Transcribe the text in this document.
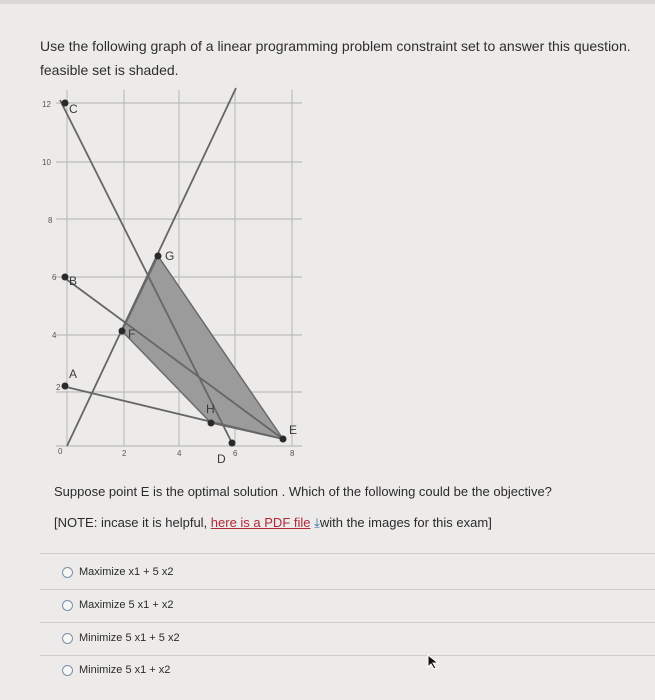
Use the following graph of a linear programming problem constraint set to answer this question.
feasible set is shaded.
C
B
A
F
G
H
E
D
12
10
8
6
4
2
0	2	4	6	8
Suppose point E is the optimal solution . Which of the following could be the objective?
[NOTE: incase it is helpful, here is a PDF file ⤓with the images for this exam]
Maximize x1 + 5 x2
Maximize 5 x1 + x2
Minimize 5 x1 + 5 x2
Minimize 5 x1 + x2
